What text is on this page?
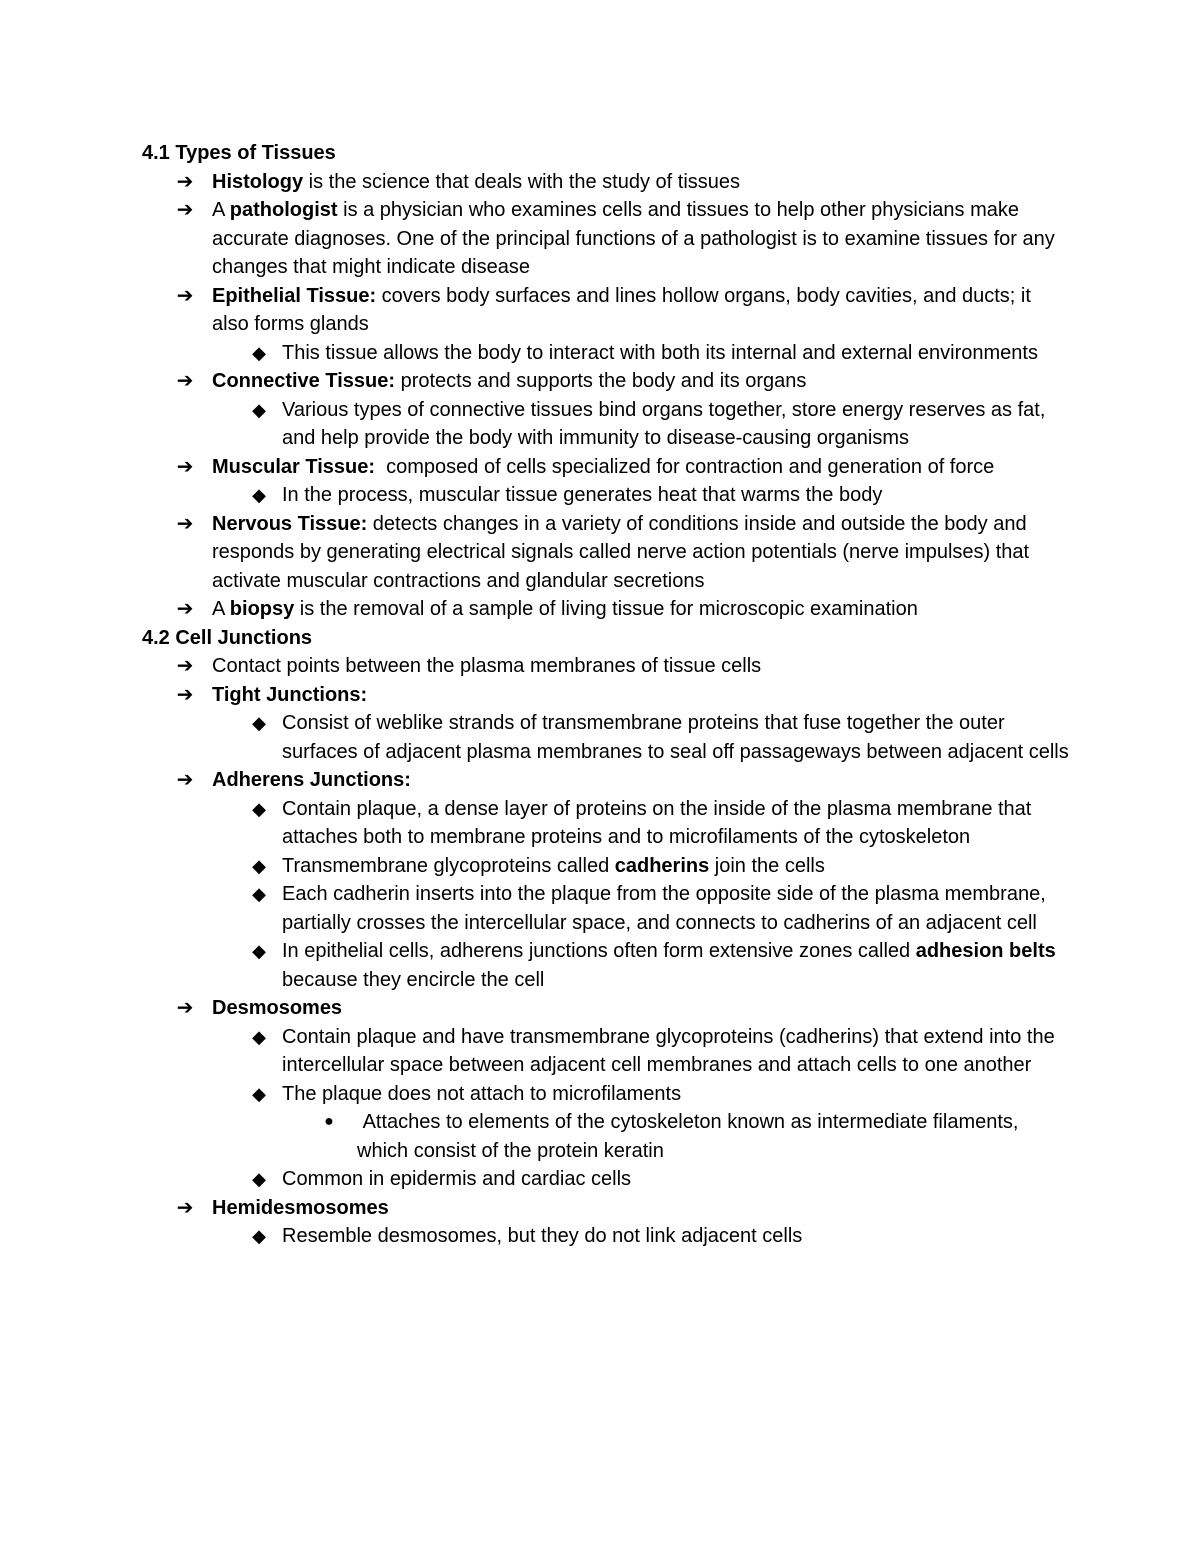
4.1 Types of Tissues

➔ Histology is the science that deals with the study of tissues

➔ A pathologist is a physician who examines cells and tissues to help other physicians make accurate diagnoses. One of the principal functions of a pathologist is to examine tissues for any changes that might indicate disease

➔ Epithelial Tissue: covers body surfaces and lines hollow organs, body cavities, and ducts; it also forms glands

◆ This tissue allows the body to interact with both its internal and external environments

➔ Connective Tissue: protects and supports the body and its organs

◆ Various types of connective tissues bind organs together, store energy reserves as fat, and help provide the body with immunity to disease-causing organisms

➔ Muscular Tissue:  composed of cells specialized for contraction and generation of force

◆ In the process, muscular tissue generates heat that warms the body

➔ Nervous Tissue: detects changes in a variety of conditions inside and outside the body and responds by generating electrical signals called nerve action potentials (nerve impulses) that activate muscular contractions and glandular secretions

➔ A biopsy is the removal of a sample of living tissue for microscopic examination

4.2 Cell Junctions

➔ Contact points between the plasma membranes of tissue cells

➔ Tight Junctions:

◆ Consist of weblike strands of transmembrane proteins that fuse together the outer surfaces of adjacent plasma membranes to seal off passageways between adjacent cells

➔ Adherens Junctions:

◆ Contain plaque, a dense layer of proteins on the inside of the plasma membrane that attaches both to membrane proteins and to microfilaments of the cytoskeleton

◆ Transmembrane glycoproteins called cadherins join the cells

◆ Each cadherin inserts into the plaque from the opposite side of the plasma membrane, partially crosses the intercellular space, and connects to cadherins of an adjacent cell

◆ In epithelial cells, adherens junctions often form extensive zones called adhesion belts because they encircle the cell

➔ Desmosomes

◆ Contain plaque and have transmembrane glycoproteins (cadherins) that extend into the intercellular space between adjacent cell membranes and attach cells to one another

◆ The plaque does not attach to microfilaments

●	Attaches to elements of the cytoskeleton known as intermediate filaments, which consist of the protein keratin

◆ Common in epidermis and cardiac cells

➔ Hemidesmosomes

◆ Resemble desmosomes, but they do not link adjacent cells
